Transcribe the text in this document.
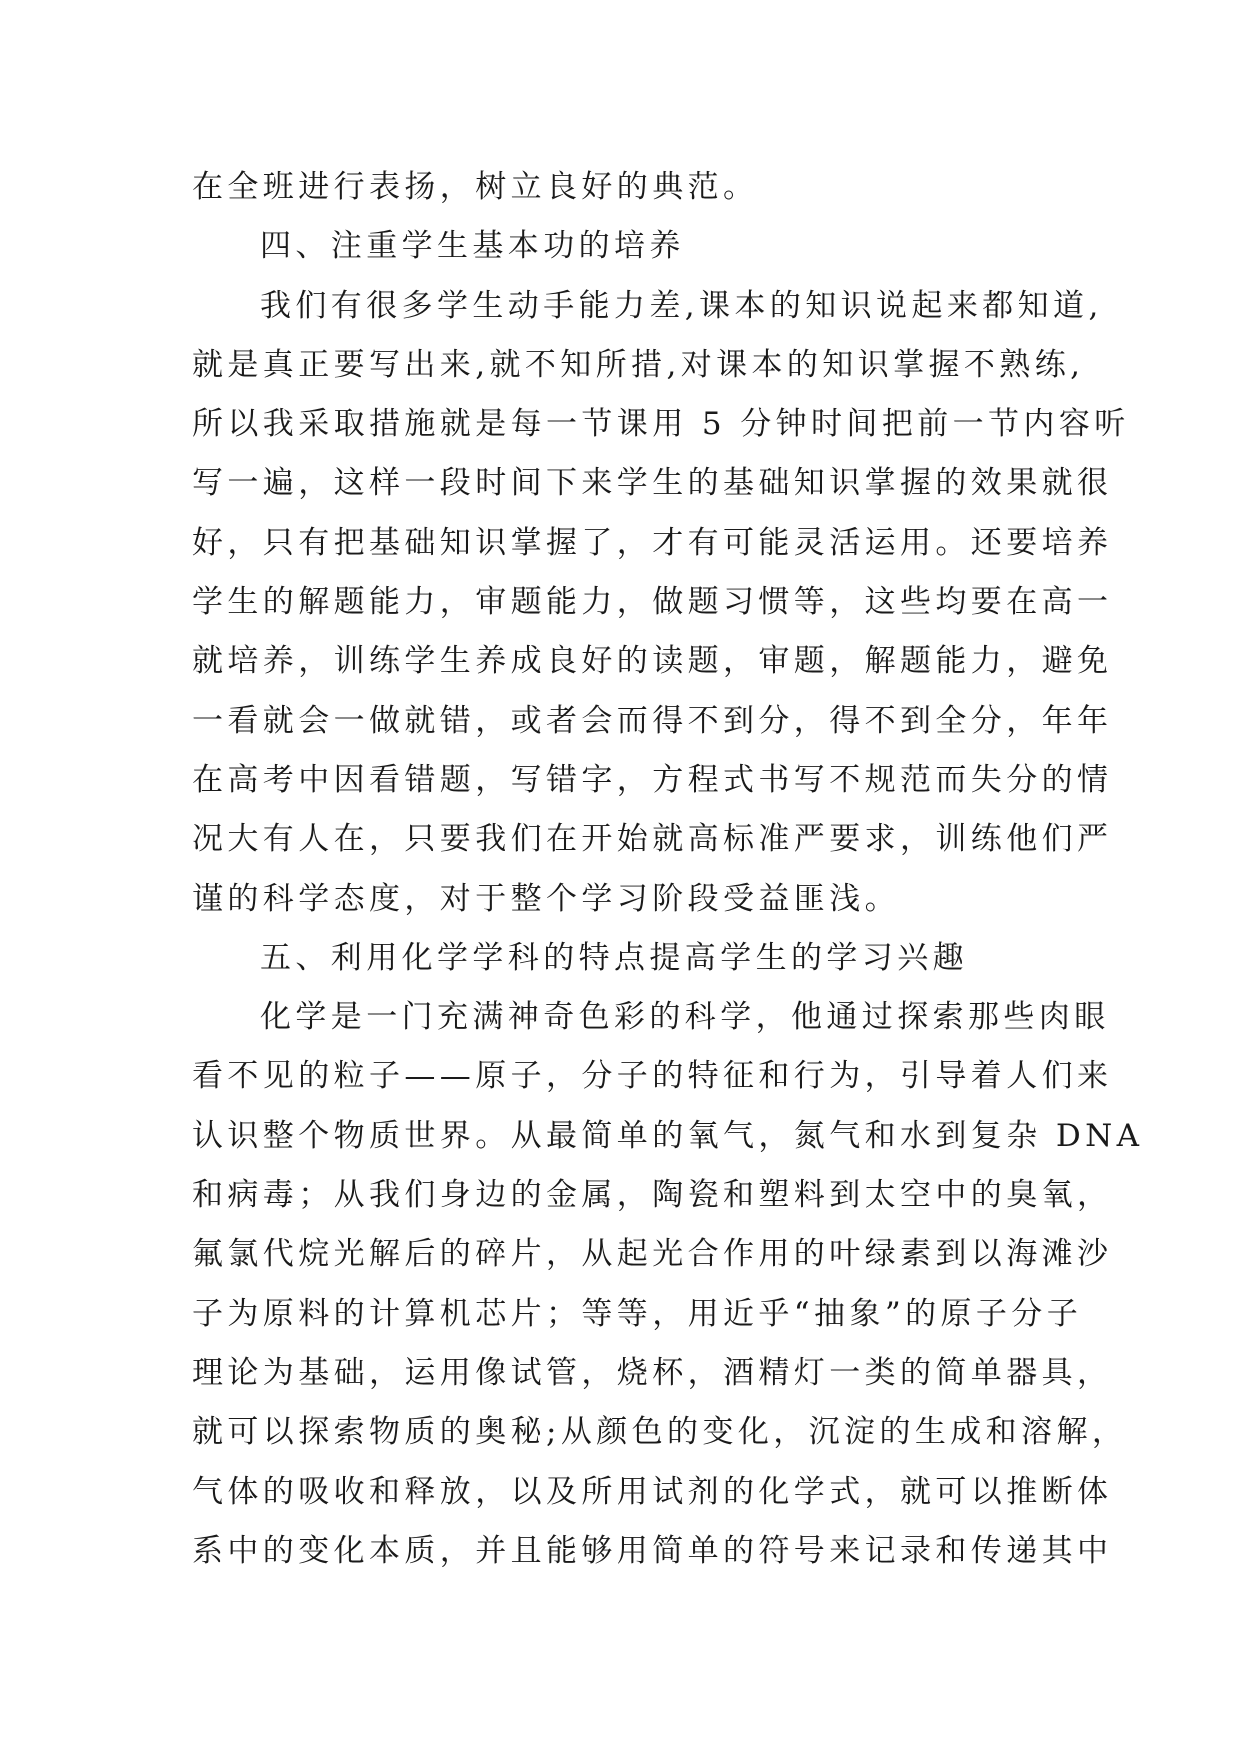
在全班进行表扬，树立良好的典范。
四、注重学生基本功的培养
我们有很多学生动手能力差,课本的知识说起来都知道,
就是真正要写出来,就不知所措,对课本的知识掌握不熟练,
所以我采取措施就是每一节课用 5 分钟时间把前一节内容听
写一遍，这样一段时间下来学生的基础知识掌握的效果就很
好，只有把基础知识掌握了，才有可能灵活运用。还要培养
学生的解题能力，审题能力，做题习惯等，这些均要在高一
就培养，训练学生养成良好的读题，审题，解题能力，避免
一看就会一做就错，或者会而得不到分，得不到全分，年年
在高考中因看错题，写错字，方程式书写不规范而失分的情
况大有人在，只要我们在开始就高标准严要求，训练他们严
谨的科学态度，对于整个学习阶段受益匪浅。
五、利用化学学科的特点提高学生的学习兴趣
化学是一门充满神奇色彩的科学，他通过探索那些肉眼
看不见的粒子——原子，分子的特征和行为，引导着人们来
认识整个物质世界。从最简单的氧气，氮气和水到复杂 DNA
和病毒；从我们身边的金属，陶瓷和塑料到太空中的臭氧，
氟氯代烷光解后的碎片，从起光合作用的叶绿素到以海滩沙
子为原料的计算机芯片；等等，用近乎“抽象”的原子分子
理论为基础，运用像试管，烧杯，酒精灯一类的简单器具，
就可以探索物质的奥秘;从颜色的变化，沉淀的生成和溶解，
气体的吸收和释放，以及所用试剂的化学式，就可以推断体
系中的变化本质，并且能够用简单的符号来记录和传递其中
